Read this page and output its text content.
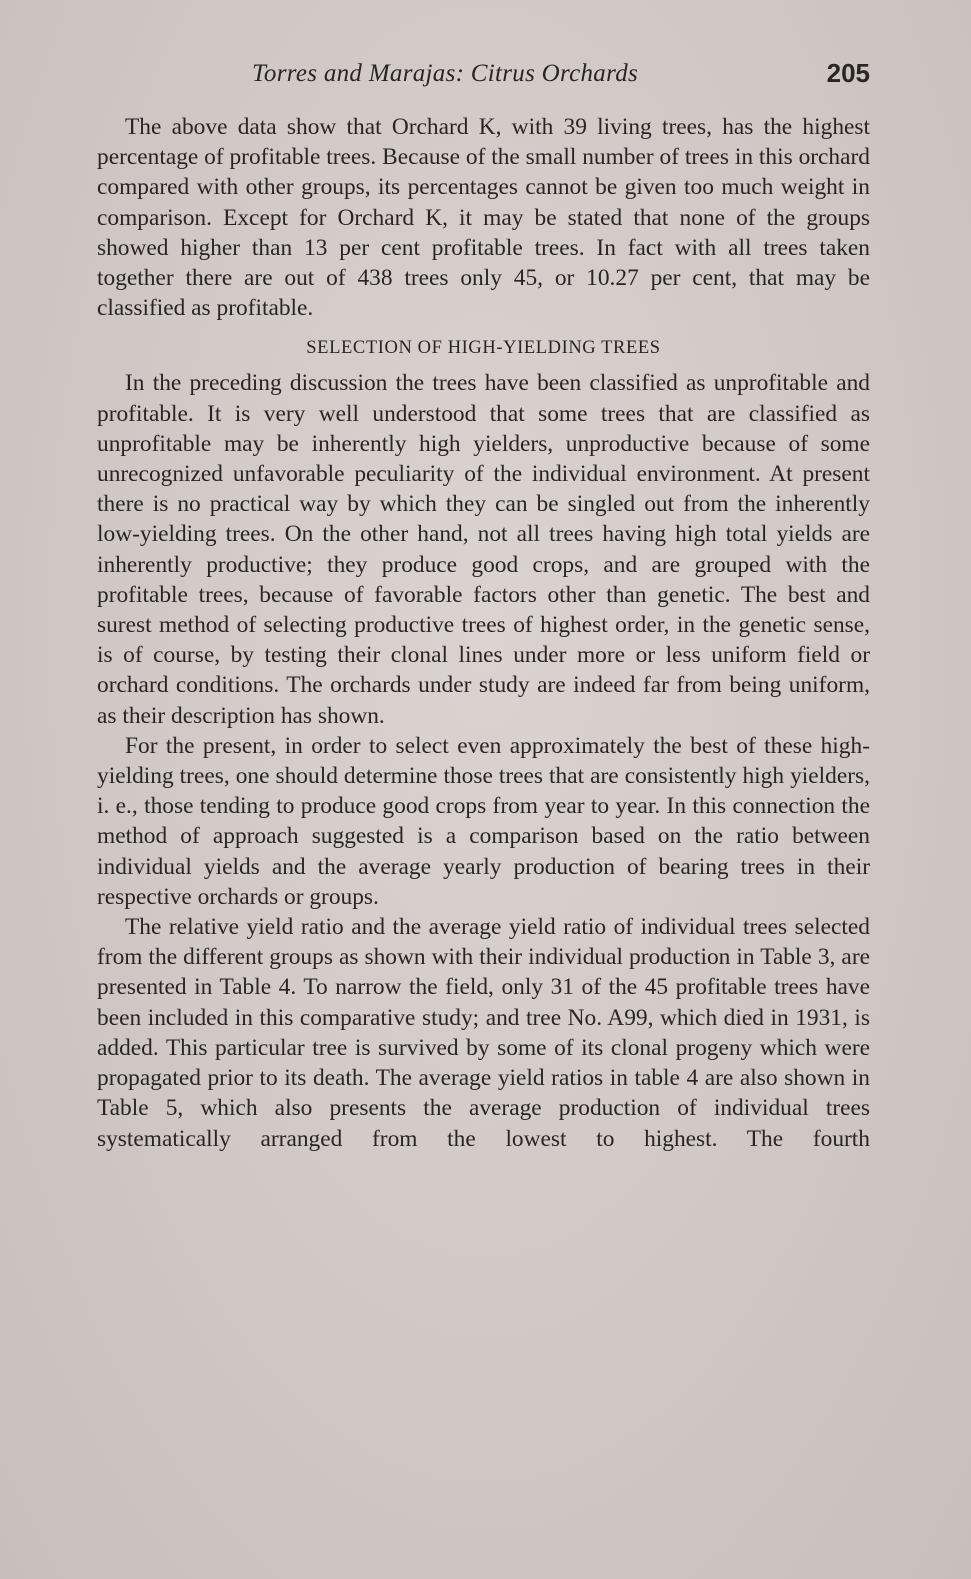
Torres and Marajas: Citrus Orchards	205

The above data show that Orchard K, with 39 living trees, has the highest percentage of profitable trees. Because of the small number of trees in this orchard compared with other groups, its percentages cannot be given too much weight in comparison. Except for Orchard K, it may be stated that none of the groups showed higher than 13 per cent profitable trees. In fact with all trees taken together there are out of 438 trees only 45, or 10.27 per cent, that may be classified as profitable.

SELECTION OF HIGH-YIELDING TREES

In the preceding discussion the trees have been classified as unprofitable and profitable. It is very well understood that some trees that are classified as unprofitable may be inherently high yielders, unproductive because of some unrecognized unfavorable peculiarity of the individual environment. At present there is no practical way by which they can be singled out from the inherently low-yielding trees. On the other hand, not all trees having high total yields are inherently productive; they produce good crops, and are grouped with the profitable trees, because of favorable factors other than genetic. The best and surest method of selecting productive trees of highest order, in the genetic sense, is of course, by testing their clonal lines under more or less uniform field or orchard conditions. The orchards under study are indeed far from being uniform, as their description has shown.

For the present, in order to select even approximately the best of these high-yielding trees, one should determine those trees that are consistently high yielders, i. e., those tending to produce good crops from year to year. In this connection the method of approach suggested is a comparison based on the ratio between individual yields and the average yearly production of bearing trees in their respective orchards or groups.

The relative yield ratio and the average yield ratio of individual trees selected from the different groups as shown with their individual production in Table 3, are presented in Table 4. To narrow the field, only 31 of the 45 profitable trees have been included in this comparative study; and tree No. A99, which died in 1931, is added. This particular tree is survived by some of its clonal progeny which were propagated prior to its death. The average yield ratios in table 4 are also shown in Table 5, which also presents the average production of individual trees systematically arranged from the lowest to highest. The fourth
